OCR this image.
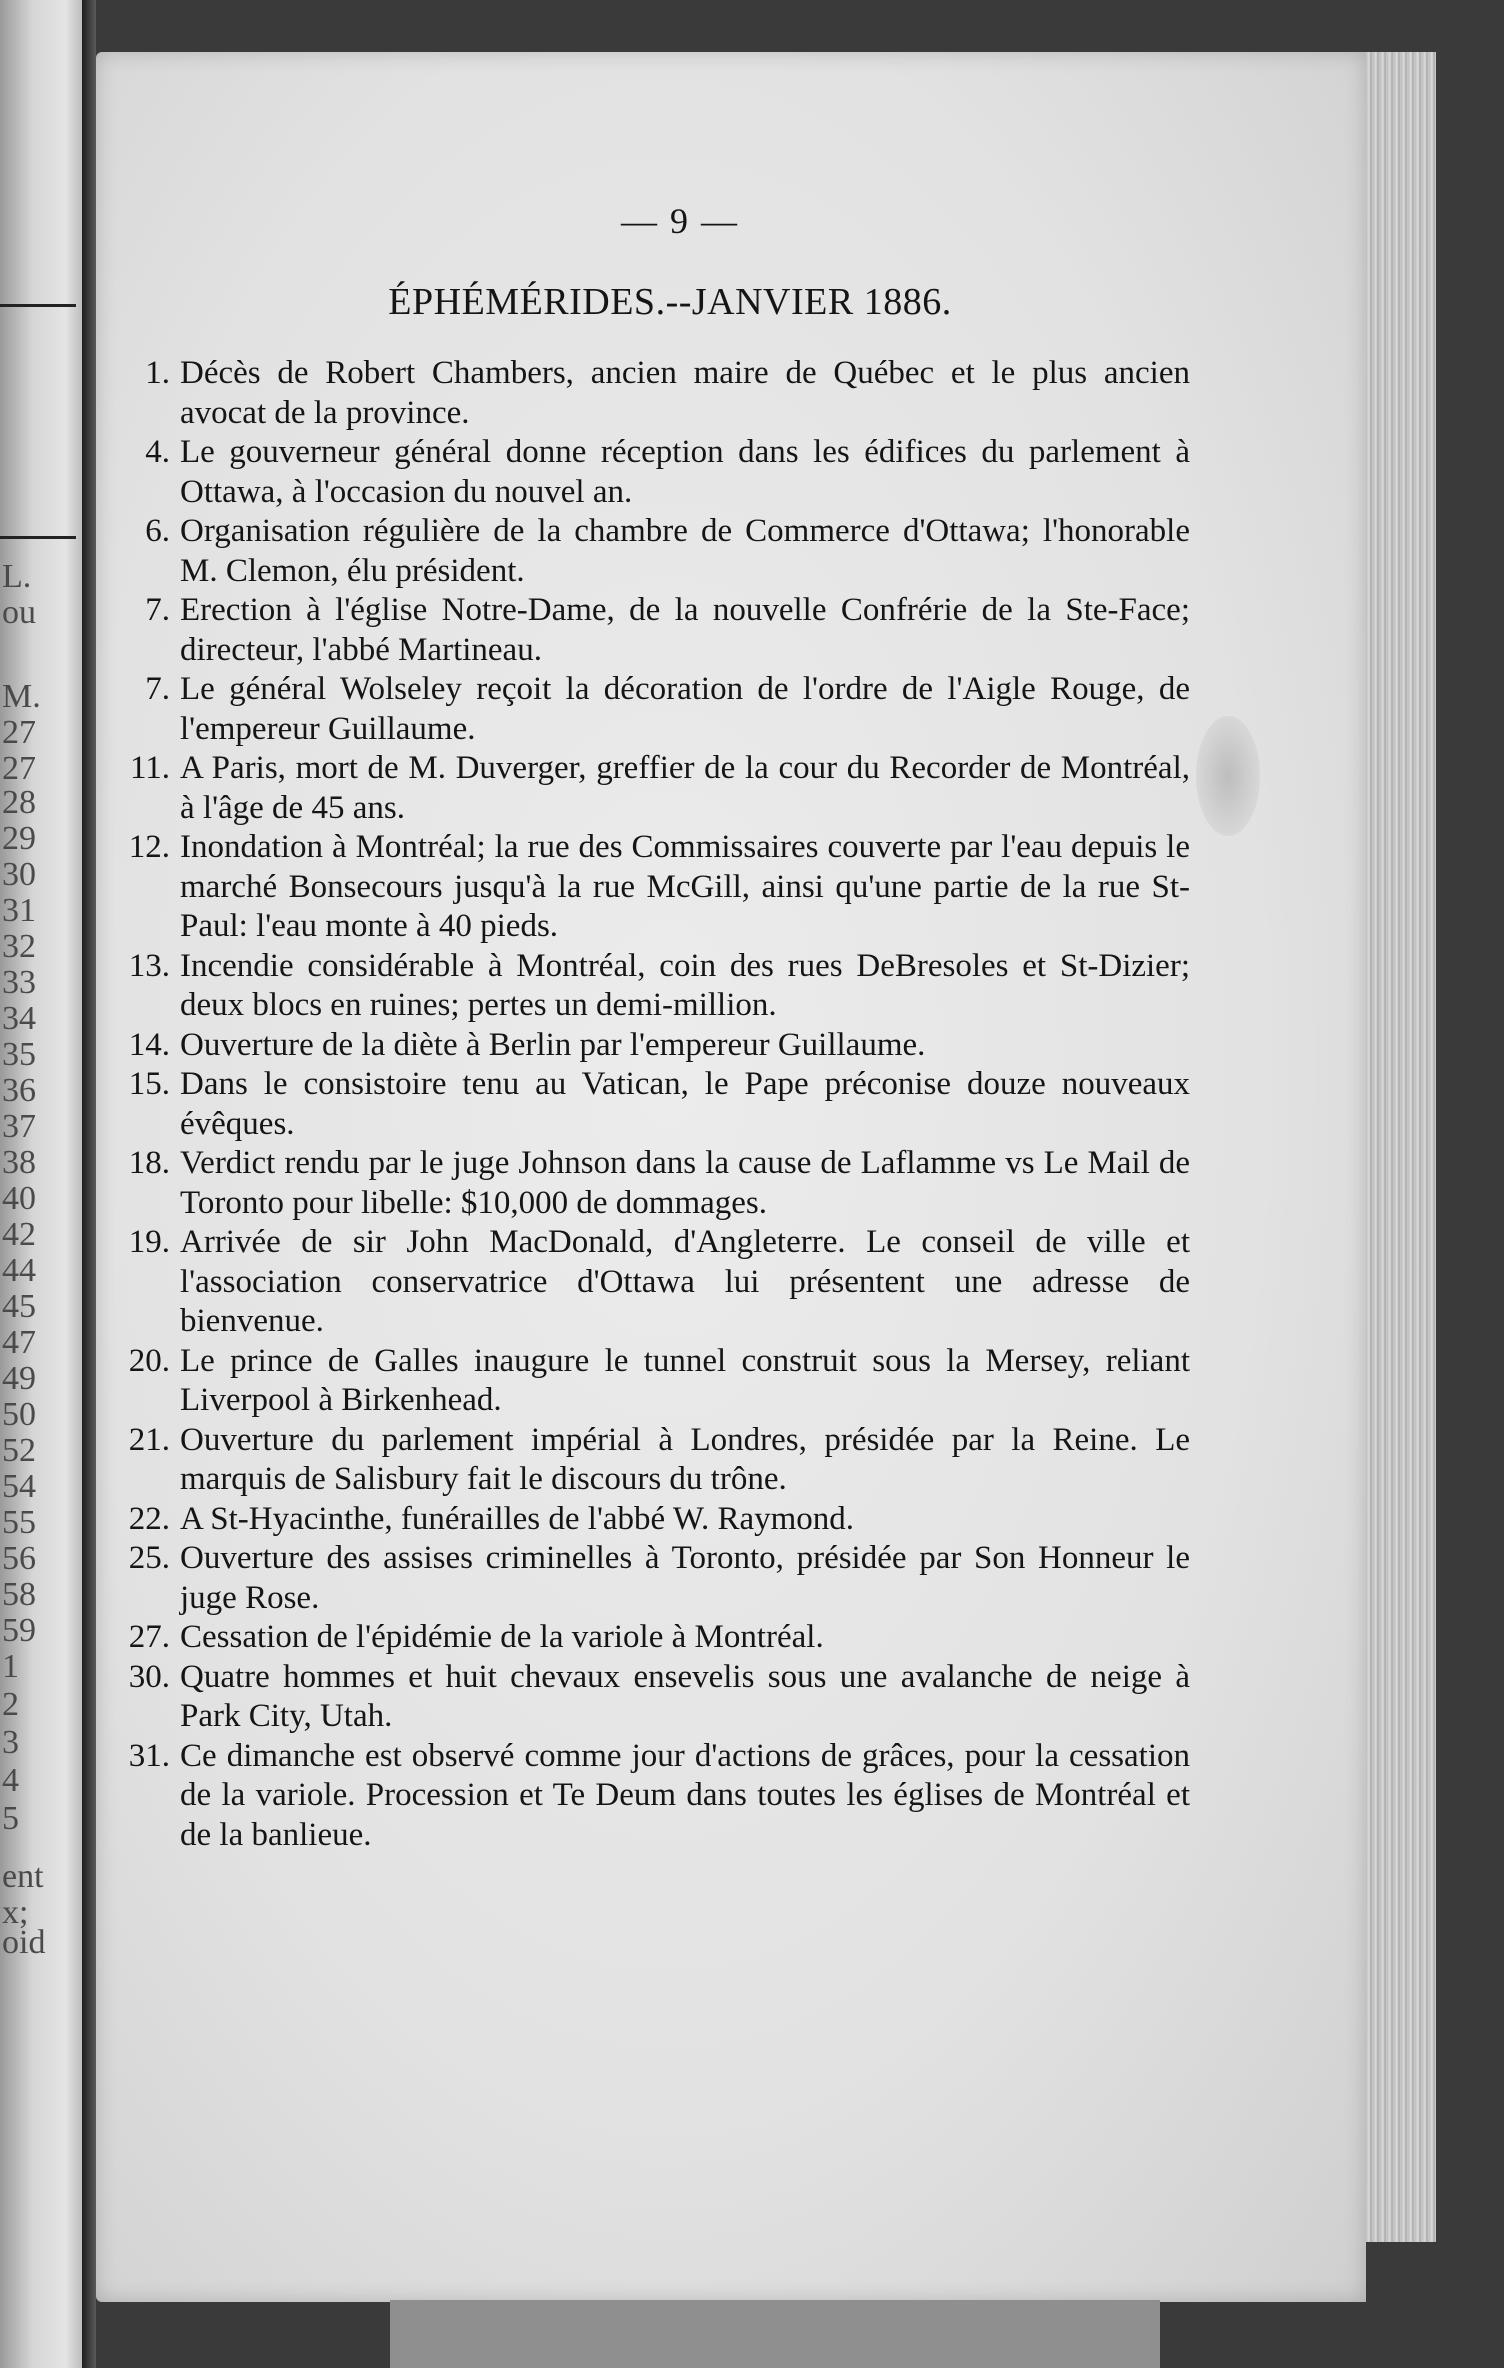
L.
ou
M.
27
27
28
29
30
31
32
33
34
35
36
37
38
40
42
44
45
47
49
50
52
54
55
56
58
59
1
2
3
4
5
ent
x;
oid
— 9 —
ÉPHÉMÉRIDES.--JANVIER 1886.
1. Décès de Robert Chambers, ancien maire de Québec et le plus ancien avocat de la province.
4. Le gouverneur général donne réception dans les édifices du parlement à Ottawa, à l'occasion du nouvel an.
6. Organisation régulière de la chambre de Commerce d'Ottawa; l'honorable M. Clemon, élu président.
7. Erection à l'église Notre-Dame, de la nouvelle Confrérie de la Ste-Face; directeur, l'abbé Martineau.
7. Le général Wolseley reçoit la décoration de l'ordre de l'Aigle Rouge, de l'empereur Guillaume.
11. A Paris, mort de M. Duverger, greffier de la cour du Recorder de Montréal, à l'âge de 45 ans.
12. Inondation à Montréal; la rue des Commissaires couverte par l'eau depuis le marché Bonsecours jusqu'à la rue McGill, ainsi qu'une partie de la rue St-Paul: l'eau monte à 40 pieds.
13. Incendie considérable à Montréal, coin des rues DeBresoles et St-Dizier; deux blocs en ruines; pertes un demi-million.
14. Ouverture de la diète à Berlin par l'empereur Guillaume.
15. Dans le consistoire tenu au Vatican, le Pape préconise douze nouveaux évêques.
18. Verdict rendu par le juge Johnson dans la cause de Laflamme vs Le Mail de Toronto pour libelle: $10,000 de dommages.
19. Arrivée de sir John MacDonald, d'Angleterre. Le conseil de ville et l'association conservatrice d'Ottawa lui présentent une adresse de bienvenue.
20. Le prince de Galles inaugure le tunnel construit sous la Mersey, reliant Liverpool à Birkenhead.
21. Ouverture du parlement impérial à Londres, présidée par la Reine. Le marquis de Salisbury fait le discours du trône.
22. A St-Hyacinthe, funérailles de l'abbé W. Raymond.
25. Ouverture des assises criminelles à Toronto, présidée par Son Honneur le juge Rose.
27. Cessation de l'épidémie de la variole à Montréal.
30. Quatre hommes et huit chevaux ensevelis sous une avalanche de neige à Park City, Utah.
31. Ce dimanche est observé comme jour d'actions de grâces, pour la cessation de la variole. Procession et Te Deum dans toutes les églises de Montréal et de la banlieue.
